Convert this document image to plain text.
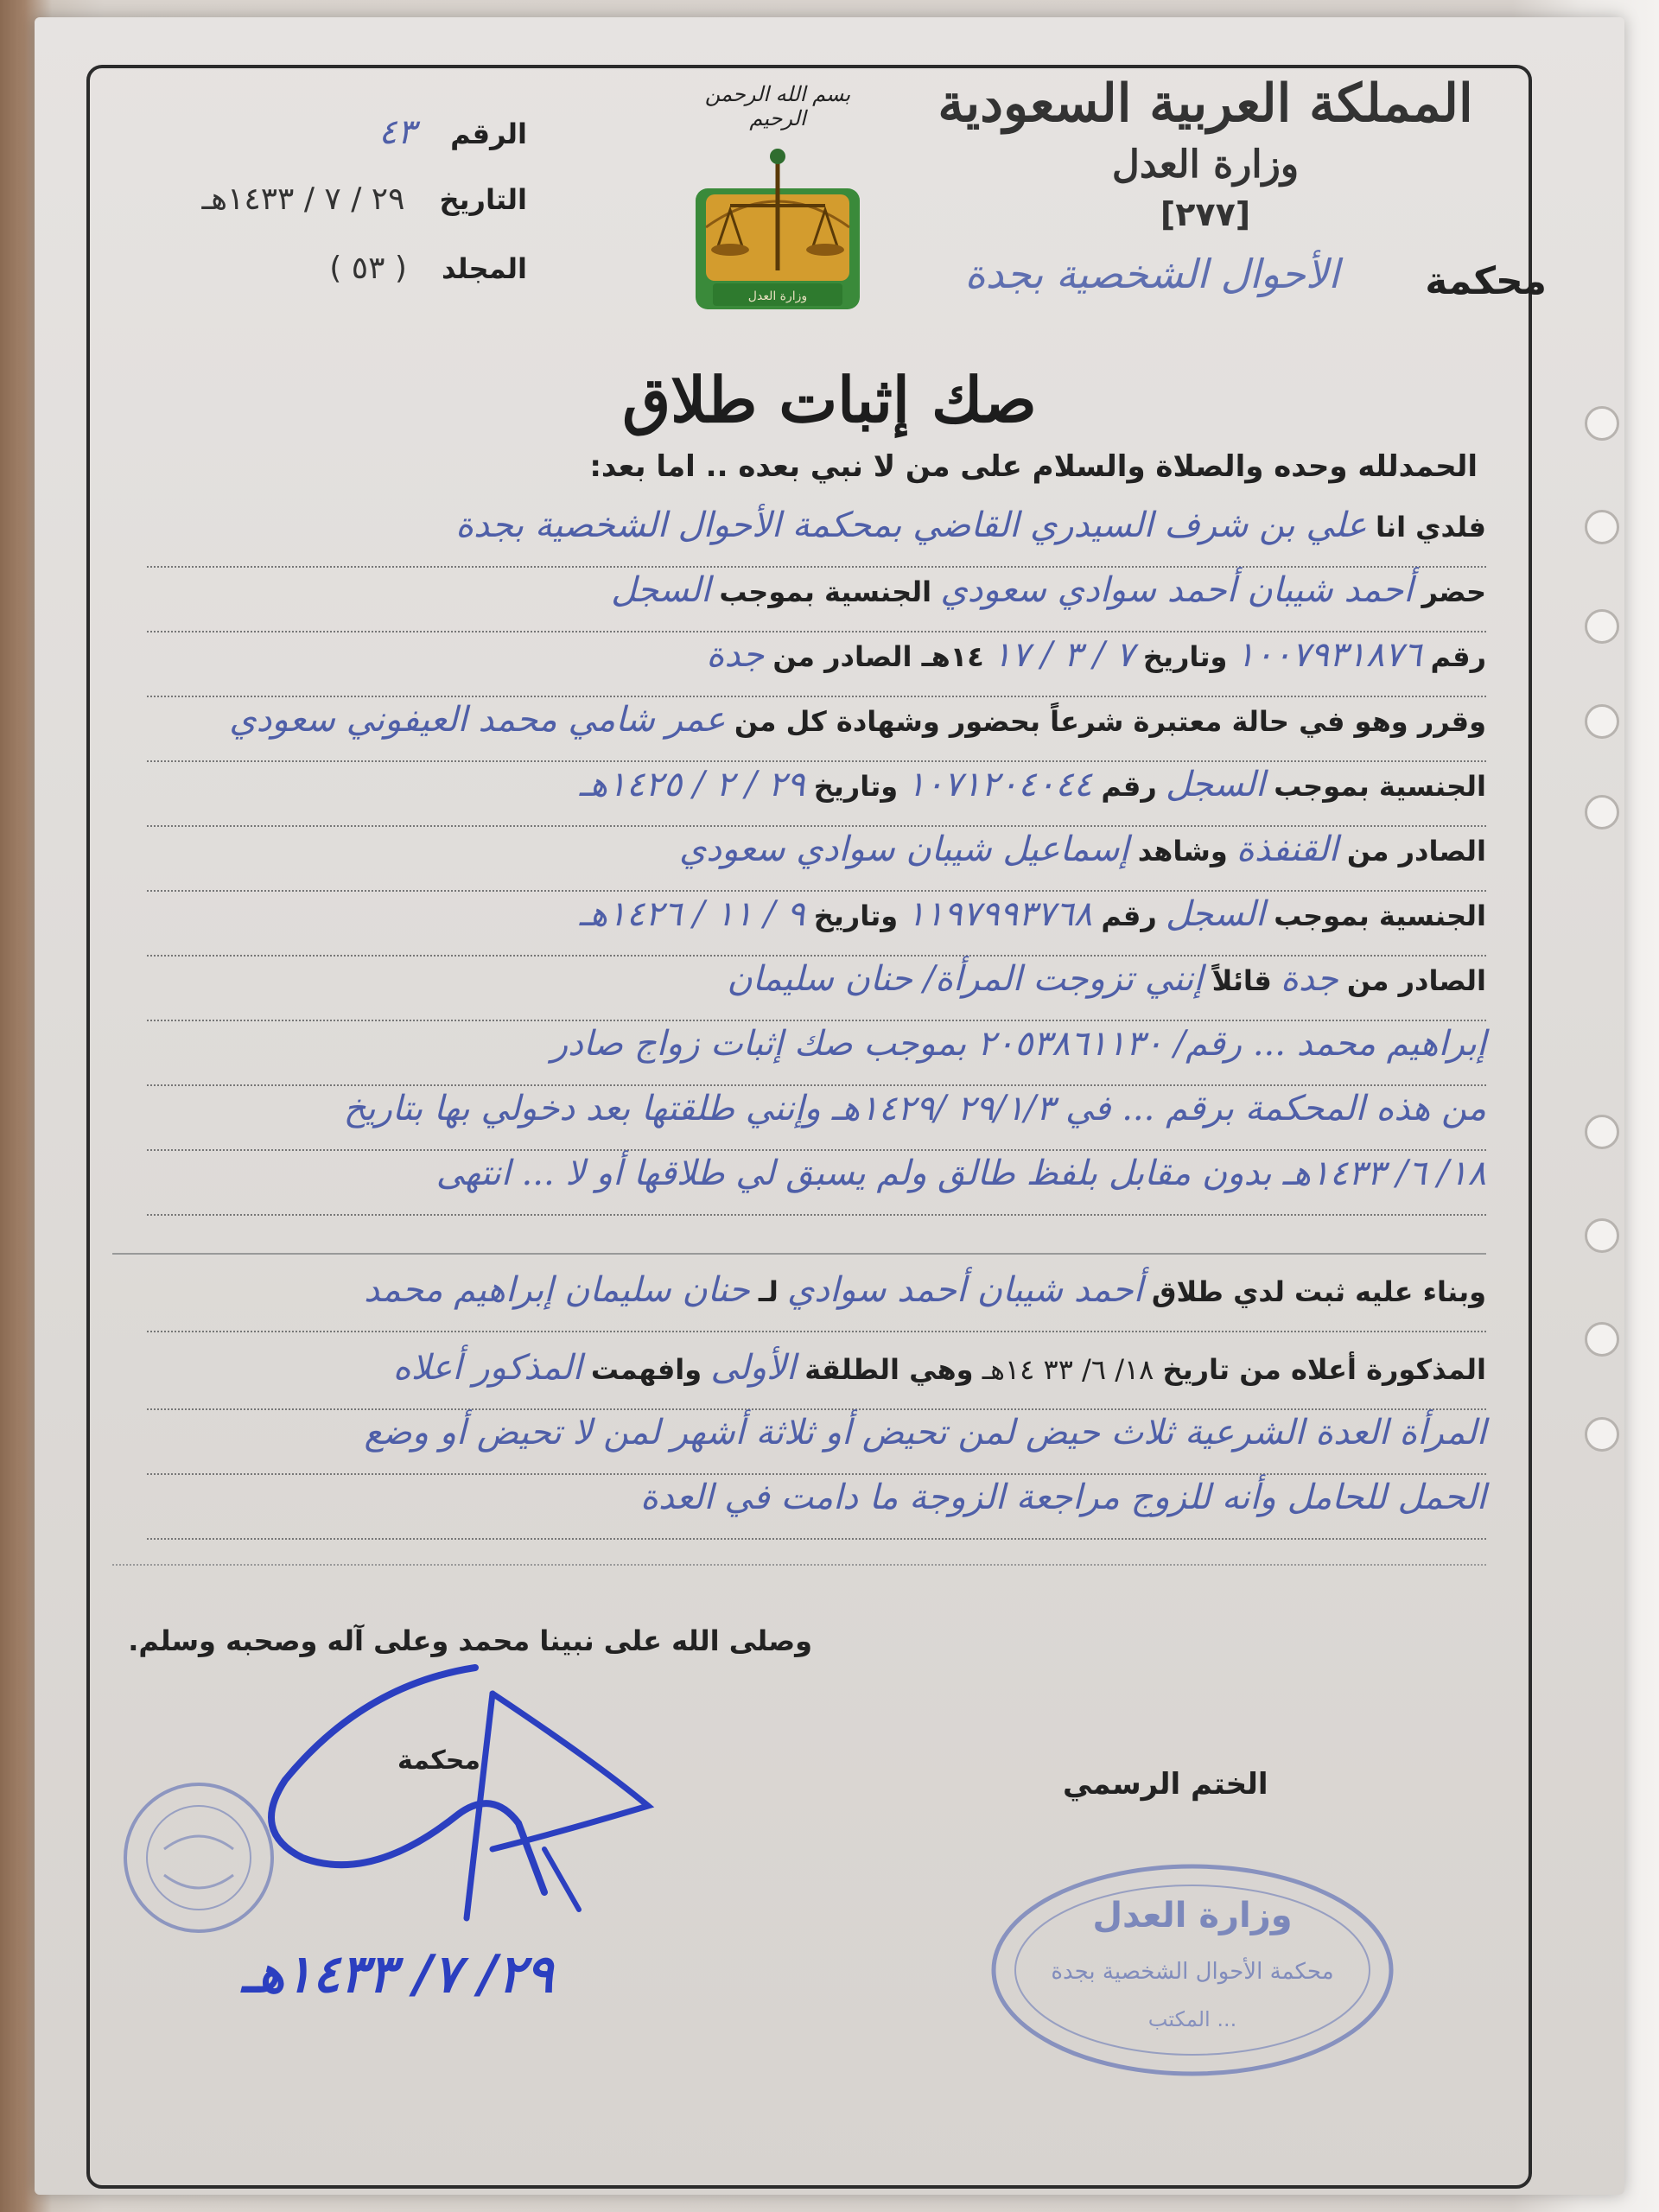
المملكة العربية السعودية
وزارة العدل
[٢٧٧]
محكمة
الأحوال الشخصية بجدة
بسم الله الرحمن الرحيم
وزارة العدل
الرقم
٤٣
التاريخ
٢٩ / ٧ / ١٤٣٣هـ
المجلد
( ٥٣ )
صك إثبات طلاق
الحمدلله وحده والصلاة والسلام على من لا نبي بعده .. اما بعد:
فلدي انا علي بن شرف السيدري القاضي بمحكمة الأحوال الشخصية بجدة
حضر أحمد شيبان أحمد سوادي سعودي الجنسية بموجب السجل
رقم ١٠٠٧٩٣١٨٧٦ وتاريخ ٧ / ٣ / ١٧ ١٤هـ الصادر من جدة
وقرر وهو في حالة معتبرة شرعاً بحضور وشهادة كل من عمر شامي محمد العيفوني سعودي
الجنسية بموجب السجل رقم ١٠٧١٢٠٤٠٤٤ وتاريخ ٢٩ / ٢ / ١٤٢٥هـ
الصادر من القنفذة وشاهد إسماعيل شيبان سوادي سعودي
الجنسية بموجب السجل رقم ١١٩٧٩٩٣٧٦٨ وتاريخ ٩ / ١١ / ١٤٢٦هـ
الصادر من جدة قائلاً إنني تزوجت المرأة/ حنان سليمان
إبراهيم محمد ... رقم/ ٢٠٥٣٨٦١١٣٠ بموجب صك إثبات زواج صادر
من هذه المحكمة برقم ... في ٢٩/١/٣ /١٤٢٩هـ وإنني طلقتها بعد دخولي بها بتاريخ
١٨/ ٦/ ١٤٣٣هـ بدون مقابل بلفظ طالق ولم يسبق لي طلاقها أو لا ... انتهى
وبناء عليه ثبت لدي طلاق أحمد شيبان أحمد سوادي لـ حنان سليمان إبراهيم محمد
المذكورة أعلاه من تاريخ ١٨/ ٦/ ٣٣ ١٤هـ وهي الطلقة الأولى وافهمت المذكور أعلاه
المرأة العدة الشرعية ثلاث حيض لمن تحيض أو ثلاثة أشهر لمن لا تحيض أو وضع
الحمل للحامل وأنه للزوج مراجعة الزوجة ما دامت في العدة
وصلى الله على نبينا محمد وعلى آله وصحبه وسلم.
محكمة
الختم الرسمي
٢٩/ ٧/ ١٤٣٣هـ
وزارة العدل
محكمة الأحوال الشخصية بجدة
المكتب ...
